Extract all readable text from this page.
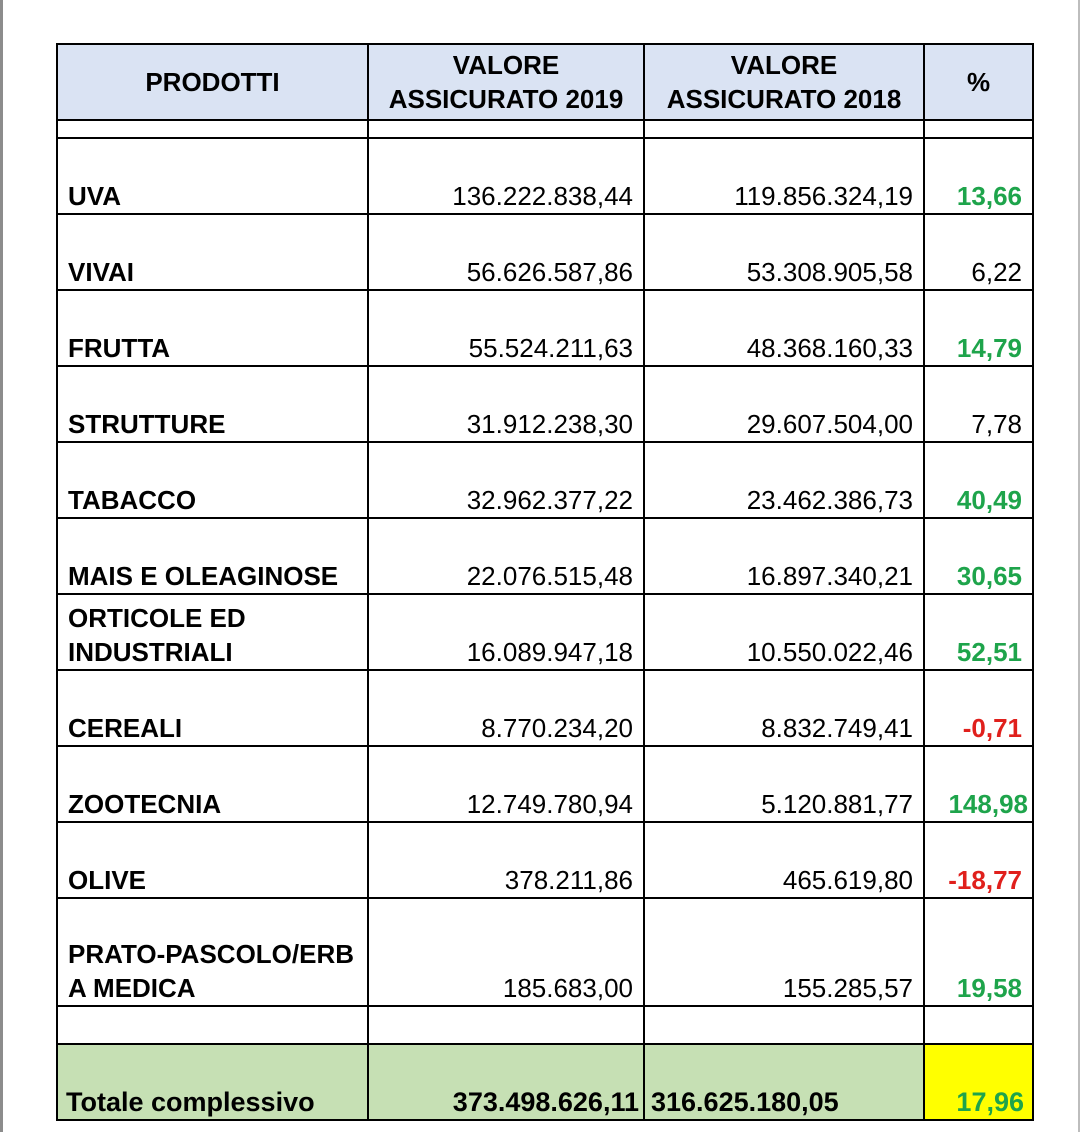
PRODOTTI	VALORE ASSICURATO 2019	VALORE ASSICURATO 2018	%

UVA	136.222.838,44	119.856.324,19	13,66
VIVAI	56.626.587,86	53.308.905,58	6,22
FRUTTA	55.524.211,63	48.368.160,33	14,79
STRUTTURE	31.912.238,30	29.607.504,00	7,78
TABACCO	32.962.377,22	23.462.386,73	40,49
MAIS E OLEAGINOSE	22.076.515,48	16.897.340,21	30,65
ORTICOLE ED INDUSTRIALI	16.089.947,18	10.550.022,46	52,51
CEREALI	8.770.234,20	8.832.749,41	-0,71
ZOOTECNIA	12.749.780,94	5.120.881,77	148,98
OLIVE	378.211,86	465.619,80	-18,77
PRATO-PASCOLO/ERBA MEDICA	185.683,00	155.285,57	19,58

Totale complessivo	373.498.626,11	316.625.180,05	17,96
